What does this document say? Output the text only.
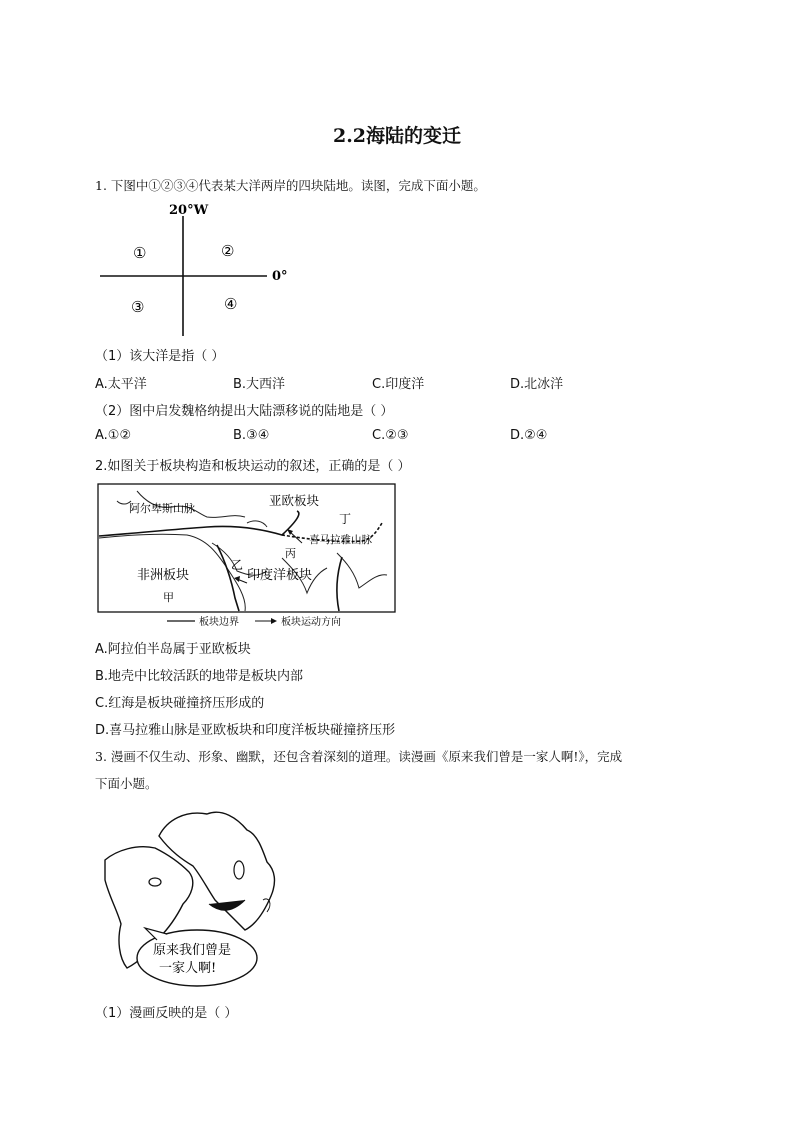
2.2海陆的变迁
1. 下图中①②③④代表某大洋两岸的四块陆地。读图，完成下面小题。
20°W
0°
①	②
③	④
（1）该大洋是指（ ）
A.太平洋	B.大西洋	C.印度洋	D.北冰洋
（2）图中启发魏格纳提出大陆漂移说的陆地是（ ）
A.①②	B.③④	C.②③	D.②④
2.如图关于板块构造和板块运动的叙述，正确的是（ ）
阿尔卑斯山脉
亚欧板块
丁
喜马拉雅山脉
丙
非洲板块
乙
印度洋板块
甲
板块边界	板块运动方向
A.阿拉伯半岛属于亚欧板块
B.地壳中比较活跃的地带是板块内部
C.红海是板块碰撞挤压形成的
D.喜马拉雅山脉是亚欧板块和印度洋板块碰撞挤压形
3. 漫画不仅生动、形象、幽默，还包含着深刻的道理。读漫画《原来我们曾是一家人啊!》，完成
下面小题。
原来我们曾是
一家人啊!
（1）漫画反映的是（ ）
